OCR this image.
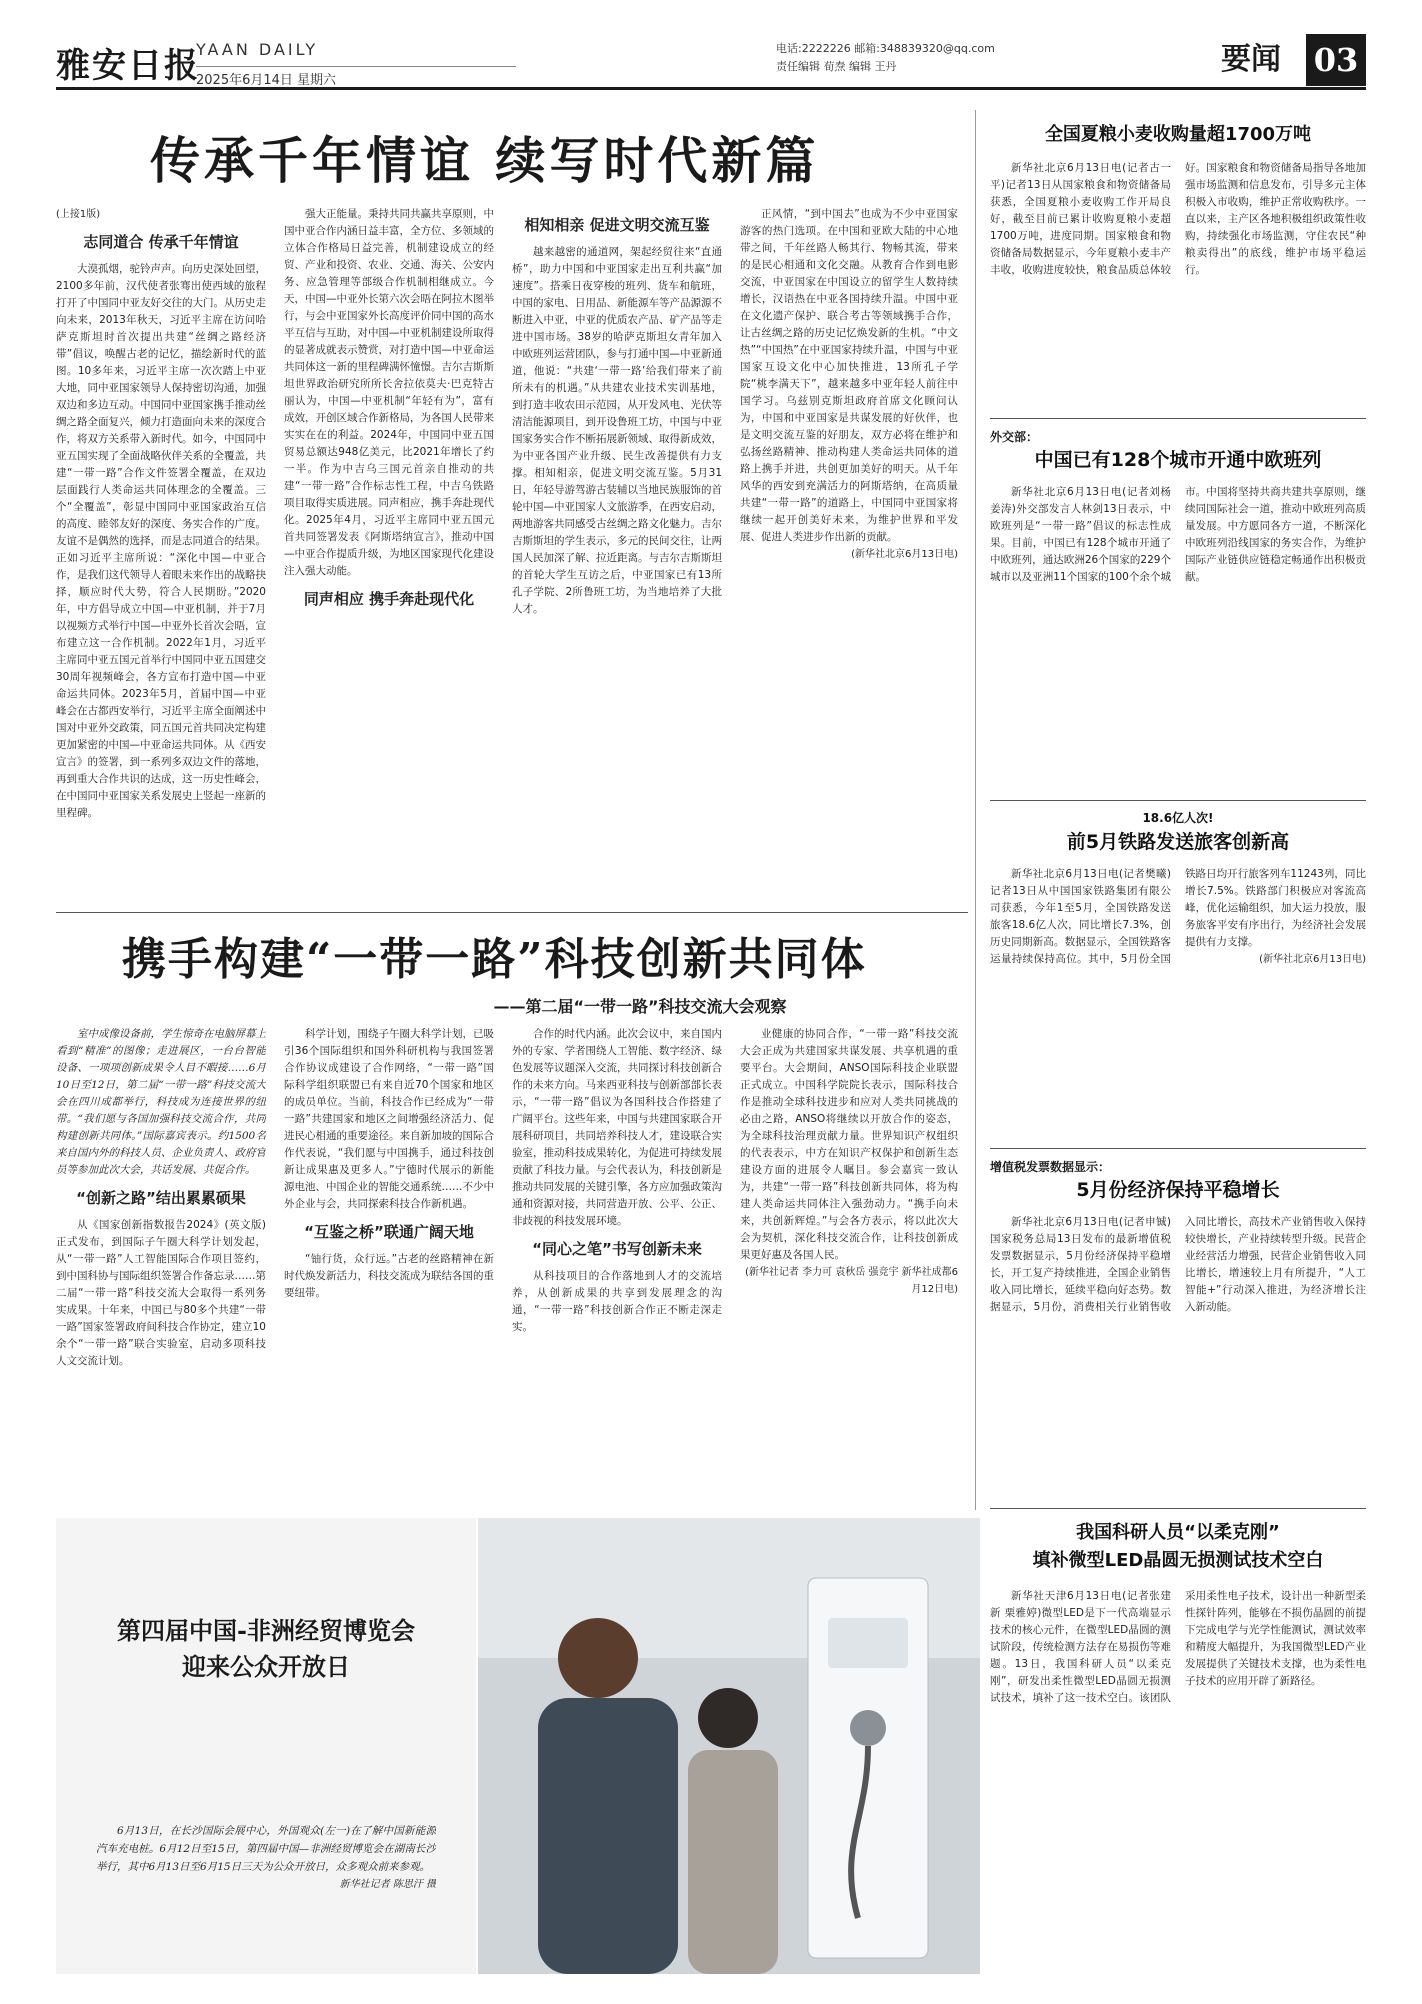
雅安日报
YAAN DAILY
2025年6月14日 星期六
电话:2222226 邮箱:348839320@qq.com
责任编辑 荀焘 编辑 王丹	要闻	03
传承千年情谊 续写时代新篇
(上接1版)
志同道合 传承千年情谊

大漠孤烟，驼铃声声。向历史深处回望，2100多年前，汉代使者张骞出使西域的旅程打开了中国同中亚友好交往的大门。从历史走向未来，2013年秋天，习近平主席在访问哈萨克斯坦时首次提出共建“丝绸之路经济带”倡议，唤醒古老的记忆，描绘新时代的蓝图。10多年来，习近平主席一次次踏上中亚大地，同中亚国家领导人保持密切沟通，加强双边和多边互动。中国同中亚国家携手推动丝绸之路全面复兴，倾力打造面向未来的深度合作，将双方关系带入新时代。如今，中国同中亚五国实现了全面战略伙伴关系的全覆盖，共建“一带一路”合作文件签署全覆盖，在双边层面践行人类命运共同体理念的全覆盖。三个“全覆盖”，彰显中国同中亚国家政治互信的高度、睦邻友好的深度、务实合作的广度。友谊不是偶然的选择，而是志同道合的结果。正如习近平主席所说：“深化中国—中亚合作，是我们这代领导人着眼未来作出的战略抉择，顺应时代大势，符合人民期盼。”2020年，中方倡导成立中国—中亚机制，并于7月以视频方式举行中国—中亚外长首次会晤，宣布建立这一合作机制。2022年1月，习近平主席同中亚五国元首举行中国同中亚五国建交30周年视频峰会，各方宣布打造中国—中亚命运共同体。2023年5月，首届中国—中亚峰会在古都西安举行，习近平主席全面阐述中国对中亚外交政策，同五国元首共同决定构建更加紧密的中国—中亚命运共同体。从《西安宣言》的签署，到一系列多双边文件的落地，再到重大合作共识的达成，这一历史性峰会，在中国同中亚国家关系发展史上竖起一座新的里程碑。

强大正能量。秉持共同共赢共享原则，中国中亚合作内涵日益丰富，全方位、多领域的立体合作格局日益完善，机制建设成立的经贸、产业和投资、农业、交通、海关、公安内务、应急管理等部级合作机制相继成立。今天，中国—中亚外长第六次会晤在阿拉木图举行，与会中亚国家外长高度评价同中国的高水平互信与互助，对中国—中亚机制建设所取得的显著成就表示赞赏，对打造中国—中亚命运共同体这一新的里程碑满怀憧憬。吉尔吉斯斯坦世界政治研究所所长舍拉依莫夫·巴克特古丽认为，中国—中亚机制“年轻有为”，富有成效，开创区域合作新格局，为各国人民带来实实在在的利益。2024年，中国同中亚五国贸易总额达948亿美元，比2021年增长了约一半。作为中吉乌三国元首亲自推动的共建“一带一路”合作标志性工程，中吉乌铁路项目取得实质进展。同声相应，携手奔赴现代化。2025年4月，习近平主席同中亚五国元首共同签署发表《阿斯塔纳宣言》，推动中国—中亚合作提质升级，为地区国家现代化建设注入强大动能。

同声相应 携手奔赴现代化
相知相亲 促进文明交流互鉴

越来越密的通道网，架起经贸往来“直通桥”，助力中国和中亚国家走出互利共赢“加速度”。搭乘日夜穿梭的班列、货车和航班，中国的家电、日用品、新能源车等产品源源不断进入中亚，中亚的优质农产品、矿产品等走进中国市场。38岁的哈萨克斯坦女青年加入中欧班列运营团队，参与打通中国—中亚新通道，他说：“共建‘一带一路’给我们带来了前所未有的机遇。”从共建农业技术实训基地，到打造丰收农田示范园，从开发风电、光伏等清洁能源项目，到开设鲁班工坊，中国与中亚国家务实合作不断拓展新领域、取得新成效，为中亚各国产业升级、民生改善提供有力支撑。相知相亲，促进文明交流互鉴。5月31日，年轻导游驾游古装辅以当地民族服饰的首轮中国—中亚国家人文旅游季，在西安启动，两地游客共同感受古丝绸之路文化魅力。吉尔吉斯斯坦的学生表示，多元的民间交往，让两国人民加深了解、拉近距离。与吉尔吉斯斯坦的首轮大学生互访之后，中亚国家已有13所孔子学院、2所鲁班工坊，为当地培养了大批人才。

正风情，“到中国去”也成为不少中亚国家游客的热门选项。在中国和亚欧大陆的中心地带之间，千年丝路人畅其行、物畅其流，带来的是民心相通和文化交融。从教育合作到电影交流，中亚国家在中国设立的留学生人数持续增长，汉语热在中亚各国持续升温。中国中亚在文化遗产保护、联合考古等领域携手合作，让古丝绸之路的历史记忆焕发新的生机。“中文热”“中国热”在中亚国家持续升温，中国与中亚国家互设文化中心加快推进，13所孔子学院“桃李满天下”，越来越多中亚年轻人前往中国学习。乌兹别克斯坦政府首席文化顾问认为，中国和中亚国家是共谋发展的好伙伴，也是文明交流互鉴的好朋友，双方必将在维护和弘扬丝路精神、推动构建人类命运共同体的道路上携手并进，共创更加美好的明天。从千年风华的西安到充满活力的阿斯塔纳，在高质量共建“一带一路”的道路上，中国同中亚国家将继续一起开创美好未来，为维护世界和平发展、促进人类进步作出新的贡献。

(新华社北京6月13日电)
全国夏粮小麦收购量超1700万吨

新华社北京6月13日电(记者古一平)记者13日从国家粮食和物资储备局获悉，全国夏粮小麦收购工作开局良好，截至目前已累计收购夏粮小麦超1700万吨，进度同期。国家粮食和物资储备局数据显示，今年夏粮小麦丰产丰收，收购进度较快，粮食品质总体较好。国家粮食和物资储备局指导各地加强市场监测和信息发布，引导多元主体积极入市收购，维护正常收购秩序。一直以来，主产区各地积极组织政策性收购，持续强化市场监测，守住农民“种粮卖得出”的底线，维护市场平稳运行。

外交部：
中国已有128个城市开通中欧班列

新华社北京6月13日电(记者刘杨 姜涛)外交部发言人林剑13日表示，中欧班列是“一带一路”倡议的标志性成果。目前，中国已有128个城市开通了中欧班列，通达欧洲26个国家的229个城市以及亚洲11个国家的100个余个城市。中国将坚持共商共建共享原则，继续同国际社会一道，推动中欧班列高质量发展。中方愿同各方一道，不断深化中欧班列沿线国家的务实合作，为维护国际产业链供应链稳定畅通作出积极贡献。

18.6亿人次!
前5月铁路发送旅客创新高

新华社北京6月13日电(记者樊曦)记者13日从中国国家铁路集团有限公司获悉，今年1至5月，全国铁路发送旅客18.6亿人次，同比增长7.3%，创历史同期新高。数据显示，全国铁路客运量持续保持高位。其中，5月份全国铁路日均开行旅客列车11243列，同比增长7.5%。铁路部门积极应对客流高峰，优化运输组织，加大运力投放，服务旅客平安有序出行，为经济社会发展提供有力支撑。

(新华社北京6月13日电)
增值税发票数据显示：
5月份经济保持平稳增长

新华社北京6月13日电(记者申铖)国家税务总局13日发布的最新增值税发票数据显示，5月份经济保持平稳增长，开工复产持续推进，全国企业销售收入同比增长，延续平稳向好态势。数据显示，5月份，消费相关行业销售收入同比增长，高技术产业销售收入保持较快增长，产业持续转型升级。民营企业经营活力增强，民营企业销售收入同比增长，增速较上月有所提升，“人工智能+”行动深入推进，为经济增长注入新动能。

我国科研人员“以柔克刚”
填补微型LED晶圆无损测试技术空白

新华社天津6月13日电(记者张建新 栗雅婷)微型LED是下一代高端显示技术的核心元件，在微型LED晶圆的测试阶段，传统检测方法存在易损伤等难题。13日，我国科研人员“以柔克刚”，研发出柔性微型LED晶圆无损测试技术，填补了这一技术空白。该团队采用柔性电子技术，设计出一种新型柔性探针阵列，能够在不损伤晶圆的前提下完成电学与光学性能测试，测试效率和精度大幅提升，为我国微型LED产业发展提供了关键技术支撑，也为柔性电子技术的应用开辟了新路径。

携手构建“一带一路”科技创新共同体
——第二届“一带一路”科技交流大会观察

室中成像设备前，学生惊奇在电脑屏幕上看到“精准”的图像；走进展区，一台台智能设备、一项项创新成果令人目不暇接……6月10日至12日，第二届“一带一路”科技交流大会在四川成都举行，科技成为连接世界的纽带。“我们愿与各国加强科技交流合作，共同构建创新共同体。”国际嘉宾表示。约1500名来自国内外的科技人员、企业负责人、政府官员等参加此次大会，共话发展、共促合作。

“创新之路”结出累累硕果

从《国家创新指数报告2024》(英文版)正式发布，到国际子午圈大科学计划发起，从“一带一路”人工智能国际合作项目签约，到中国科协与国际组织签署合作备忘录……第二届“一带一路”科技交流大会取得一系列务实成果。十年来，中国已与80多个共建“一带一路”国家签署政府间科技合作协定，建立10余个“一带一路”联合实验室，启动多项科技人文交流计划。

科学计划，围绕子午圈大科学计划，已吸引36个国际组织和国外科研机构与我国签署合作协议成建设了合作网络，“一带一路”国际科学组织联盟已有来自近70个国家和地区的成员单位。当前，科技合作已经成为“一带一路”共建国家和地区之间增强经济活力、促进民心相通的重要途径。来自新加坡的国际合作代表说，“我们愿与中国携手，通过科技创新让成果惠及更多人。”宁德时代展示的新能源电池、中国企业的智能交通系统……不少中外企业与会，共同探索科技合作新机遇。

“互鉴之桥”联通广阔天地

“铀行货，众行远。”古老的丝路精神在新时代焕发新活力，科技交流成为联结各国的重要纽带。

合作的时代内涵。此次会议中，来自国内外的专家、学者围绕人工智能、数字经济、绿色发展等议题深入交流，共同探讨科技创新合作的未来方向。马来西亚科技与创新部部长表示，“一带一路”倡议为各国科技合作搭建了广阔平台。这些年来，中国与共建国家联合开展科研项目，共同培养科技人才，建设联合实验室，推动科技成果转化，为促进可持续发展贡献了科技力量。与会代表认为，科技创新是推动共同发展的关键引擎，各方应加强政策沟通和资源对接，共同营造开放、公平、公正、非歧视的科技发展环境。

“同心之笔”书写创新未来

从科技项目的合作落地到人才的交流培养，从创新成果的共享到发展理念的沟通，“一带一路”科技创新合作正不断走深走实。

业健康的协同合作，“一带一路”科技交流大会正成为共建国家共谋发展、共享机遇的重要平台。大会期间，ANSO国际科技企业联盟正式成立。中国科学院院长表示，国际科技合作是推动全球科技进步和应对人类共同挑战的必由之路，ANSO将继续以开放合作的姿态，为全球科技治理贡献力量。世界知识产权组织的代表表示，中方在知识产权保护和创新生态建设方面的进展令人瞩目。参会嘉宾一致认为，共建“一带一路”科技创新共同体，将为构建人类命运共同体注入强劲动力。“携手向未来，共创新辉煌。”与会各方表示，将以此次大会为契机，深化科技交流合作，让科技创新成果更好惠及各国人民。

(新华社记者 李力可 袁秋岳 强竞宇 新华社成都6月12日电)
第四届中国-非洲经贸博览会
迎来公众开放日

6月13日，在长沙国际会展中心，外国观众(左一)在了解中国新能源汽车充电桩。6月12日至15日，第四届中国—非洲经贸博览会在湖南长沙举行，其中6月13日至6月15日三天为公众开放日，众多观众前来参观。

新华社记者 陈思汗 摄
